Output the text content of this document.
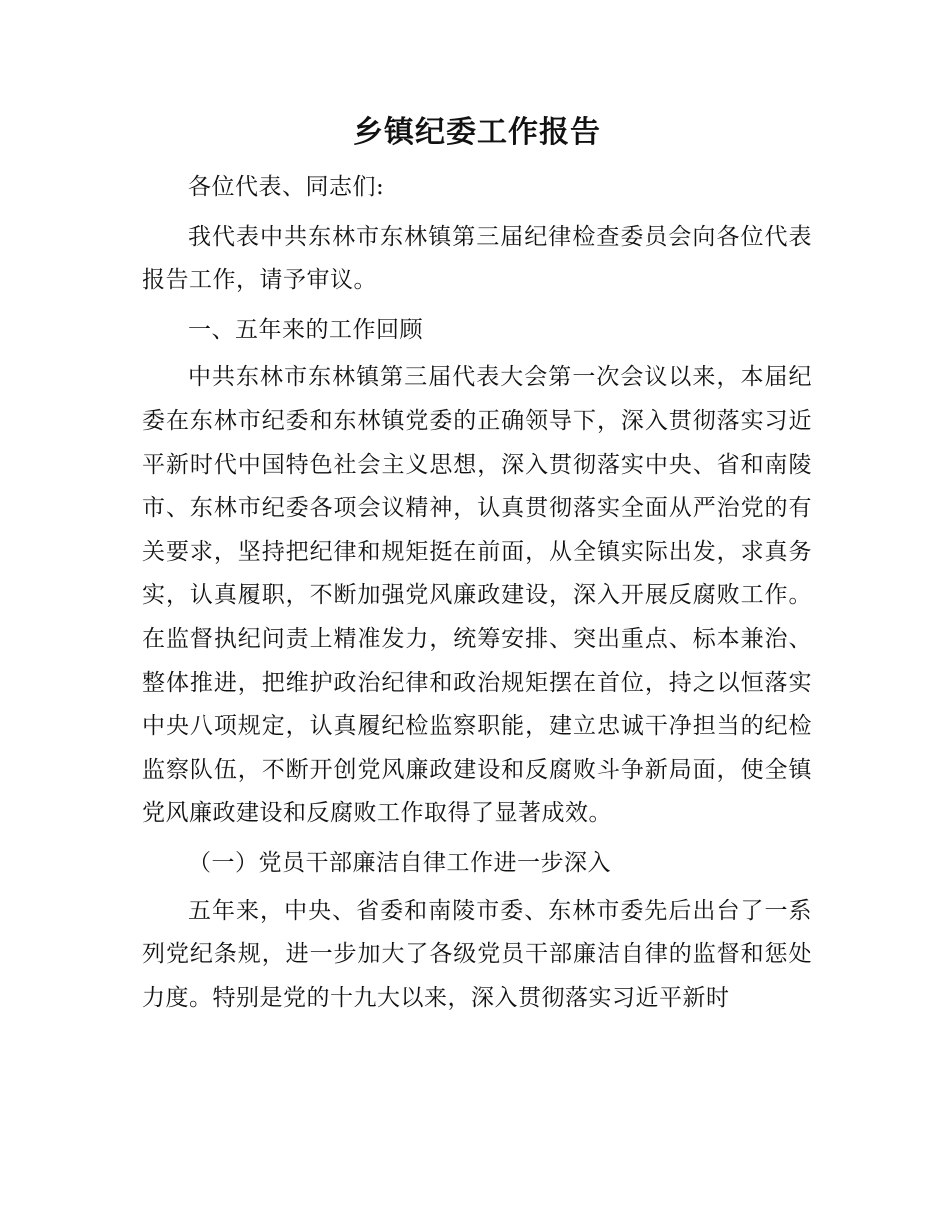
乡镇纪委工作报告
各位代表、同志们:
我代表中共东林市东林镇第三届纪律检查委员会向各位代表报告工作，请予审议。
一、五年来的工作回顾
中共东林市东林镇第三届代表大会第一次会议以来，本届纪委在东林市纪委和东林镇党委的正确领导下，深入贯彻落实习近平新时代中国特色社会主义思想，深入贯彻落实中央、省和南陵市、东林市纪委各项会议精神，认真贯彻落实全面从严治党的有关要求，坚持把纪律和规矩挺在前面，从全镇实际出发，求真务实，认真履职，不断加强党风廉政建设，深入开展反腐败工作。在监督执纪问责上精准发力，统筹安排、突出重点、标本兼治、整体推进，把维护政治纪律和政治规矩摆在首位，持之以恒落实中央八项规定，认真履纪检监察职能，建立忠诚干净担当的纪检监察队伍，不断开创党风廉政建设和反腐败斗争新局面，使全镇党风廉政建设和反腐败工作取得了显著成效。
（一）党员干部廉洁自律工作进一步深入
五年来，中央、省委和南陵市委、东林市委先后出台了一系列党纪条规，进一步加大了各级党员干部廉洁自律的监督和惩处力度。特别是党的十九大以来，深入贯彻落实习近平新时
